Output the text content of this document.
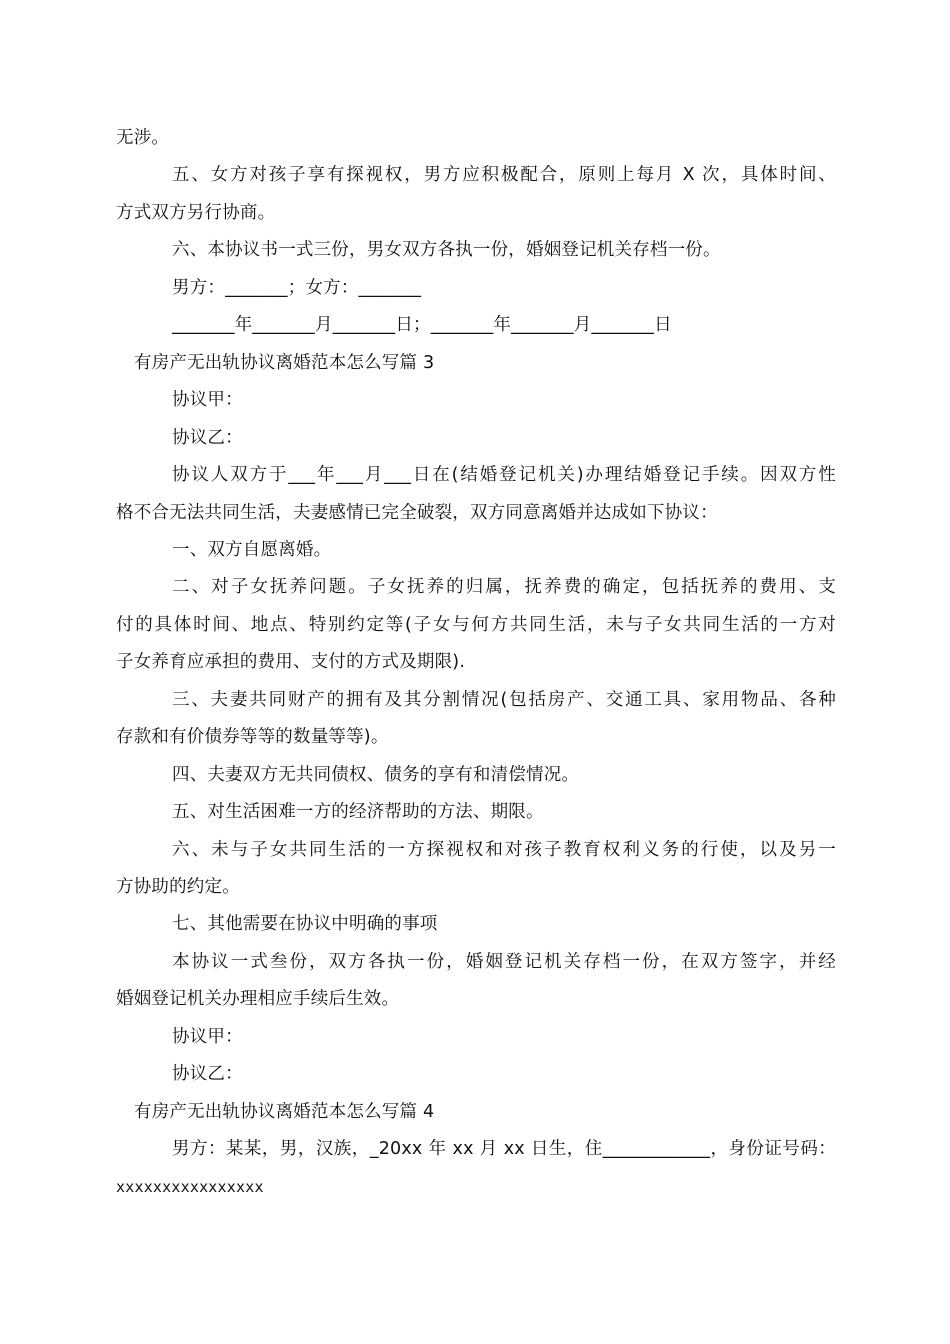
无涉。
五、女方对孩子享有探视权，男方应积极配合，原则上每月 X 次，具体时间、
方式双方另行协商。
六、本协议书一式三份，男女双方各执一份，婚姻登记机关存档一份。
男方：_______；女方：_______
_______年_______月_______日；_______年_______月_______日
有房产无出轨协议离婚范本怎么写篇 3
协议甲：
协议乙：
协议人双方于___年___月___日在(结婚登记机关)办理结婚登记手续。因双方性
格不合无法共同生活，夫妻感情已完全破裂，双方同意离婚并达成如下协议：
一、双方自愿离婚。
二、对子女抚养问题。子女抚养的归属，抚养费的确定，包括抚养的费用、支
付的具体时间、地点、特别约定等(子女与何方共同生活，未与子女共同生活的一方对
子女养育应承担的费用、支付的方式及期限).
三、夫妻共同财产的拥有及其分割情况(包括房产、交通工具、家用物品、各种
存款和有价债券等等的数量等等)。
四、夫妻双方无共同债权、债务的享有和清偿情况。
五、对生活困难一方的经济帮助的方法、期限。
六、未与子女共同生活的一方探视权和对孩子教育权利义务的行使，以及另一
方协助的约定。
七、其他需要在协议中明确的事项
本协议一式叁份，双方各执一份，婚姻登记机关存档一份，在双方签字，并经
婚姻登记机关办理相应手续后生效。
协议甲：
协议乙：
有房产无出轨协议离婚范本怎么写篇 4
男方：某某，男，汉族，_20xx 年 xx 月 xx 日生，住____________，身份证号码：
xxxxxxxxxxxxxxxx
